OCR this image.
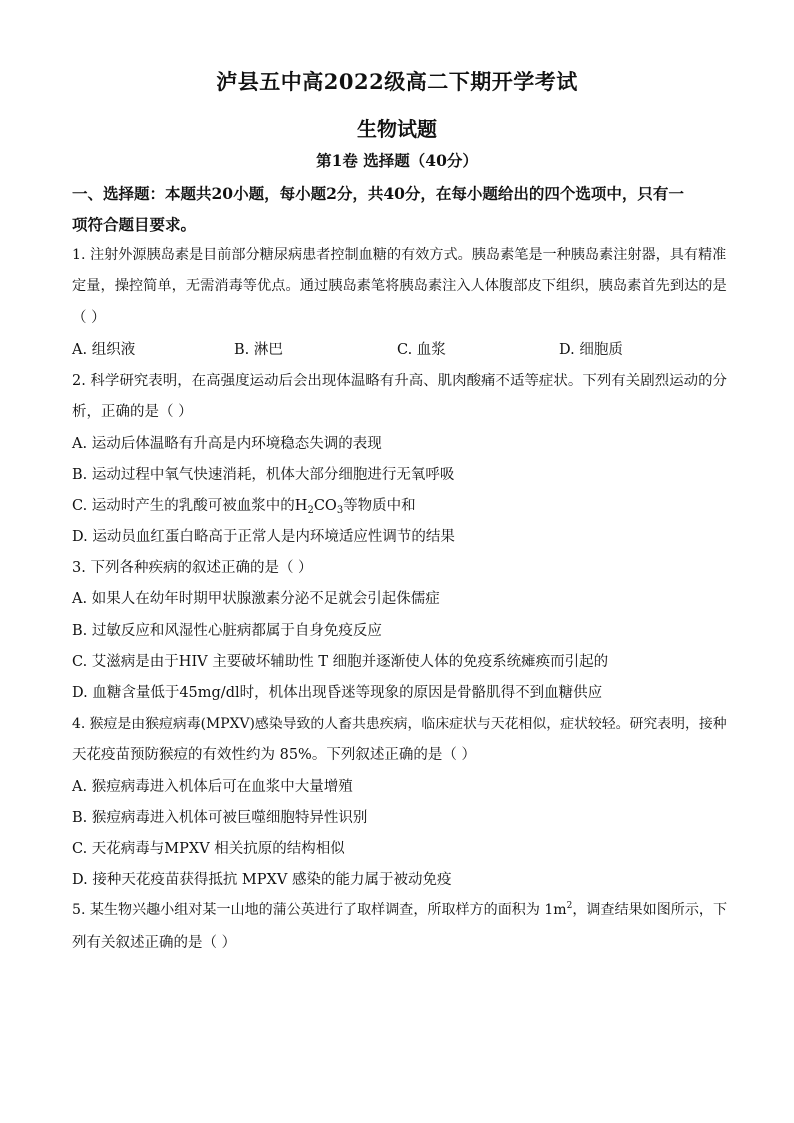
泸县五中高2022级高二下期开学考试
生物试题
第1卷 选择题（40分）
一、选择题：本题共20小题，每小题2分，共40分，在每小题给出的四个选项中，只有一
项符合题目要求。
1. 注射外源胰岛素是目前部分糖尿病患者控制血糖的有效方式。胰岛素笔是一种胰岛素注射器，具有精准
定量，操控简单，无需消毒等优点。通过胰岛素笔将胰岛素注入人体腹部皮下组织，胰岛素首先到达的是
（ ）
A. 组织液	B. 淋巴	C. 血浆	D. 细胞质
2. 科学研究表明，在高强度运动后会出现体温略有升高、肌肉酸痛不适等症状。下列有关剧烈运动的分
析，正确的是（ ）
A. 运动后体温略有升高是内环境稳态失调的表现
B. 运动过程中氧气快速消耗，机体大部分细胞进行无氧呼吸
C. 运动时产生的乳酸可被血浆中的$H_2CO_3$等物质中和
D. 运动员血红蛋白略高于正常人是内环境适应性调节的结果
3. 下列各种疾病的叙述正确的是（ ）
A. 如果人在幼年时期甲状腺激素分泌不足就会引起侏儒症
B. 过敏反应和风湿性心脏病都属于自身免疫反应
C. 艾滋病是由于HIV 主要破坏辅助性 T 细胞并逐渐使人体的免疫系统瘫痪而引起的
D. 血糖含量低于45mg/dl时，机体出现昏迷等现象的原因是骨骼肌得不到血糖供应
4. 猴痘是由猴痘病毒(MPXV)感染导致的人畜共患疾病，临床症状与天花相似，症状较轻。研究表明，接种
天花疫苗预防猴痘的有效性约为 85%。下列叙述正确的是（ ）
A. 猴痘病毒进入机体后可在血浆中大量增殖
B. 猴痘病毒进入机体可被巨噬细胞特异性识别
C. 天花病毒与MPXV 相关抗原的结构相似
D. 接种天花疫苗获得抵抗 MPXV 感染的能力属于被动免疫
5. 某生物兴趣小组对某一山地的蒲公英进行了取样调查，所取样方的面积为 $1m^2$，调查结果如图所示，下
列有关叙述正确的是（ ）
